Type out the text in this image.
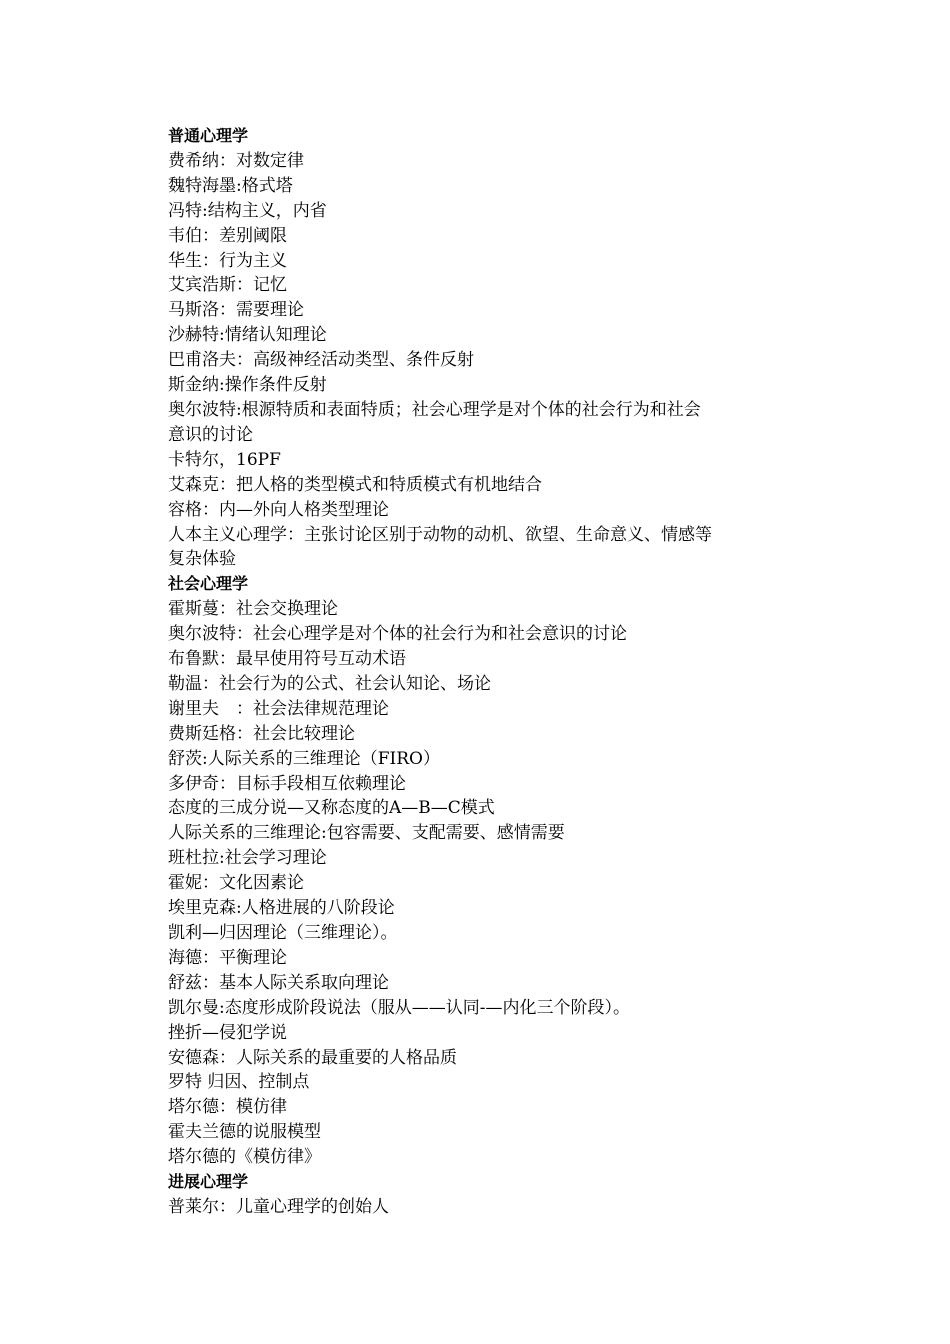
普通心理学
费希纳：对数定律
魏特海墨:格式塔
冯特:结构主义，内省
韦伯：差别阈限
华生：行为主义
艾宾浩斯：记忆
马斯洛：需要理论
沙赫特:情绪认知理论
巴甫洛夫：高级神经活动类型、条件反射
斯金纳:操作条件反射
奥尔波特:根源特质和表面特质；社会心理学是对个体的社会行为和社会
意识的讨论
卡特尔，16PF
艾森克：把人格的类型模式和特质模式有机地结合
容格：内—外向人格类型理论
人本主义心理学：主张讨论区别于动物的动机、欲望、生命意义、情感等
复杂体验
社会心理学
霍斯蔓：社会交换理论
奥尔波特：社会心理学是对个体的社会行为和社会意识的讨论
布鲁默：最早使用符号互动术语
勒温：社会行为的公式、社会认知论、场论
谢里夫　：社会法律规范理论
费斯廷格：社会比较理论
舒茨:人际关系的三维理论（FIRO）
多伊奇：目标手段相互依赖理论
态度的三成分说—又称态度的A—B—C模式
人际关系的三维理论:包容需要、支配需要、感情需要
班杜拉:社会学习理论
霍妮：文化因素论
埃里克森:人格进展的八阶段论
凯利—归因理论（三维理论）。
海德：平衡理论
舒兹：基本人际关系取向理论
凯尔曼:态度形成阶段说法（服从——认同-—内化三个阶段）。
挫折—侵犯学说
安德森：人际关系的最重要的人格品质
罗特 归因、控制点
塔尔德：模仿律
霍夫兰德的说服模型
塔尔德的《模仿律》
进展心理学
普莱尔：儿童心理学的创始人
